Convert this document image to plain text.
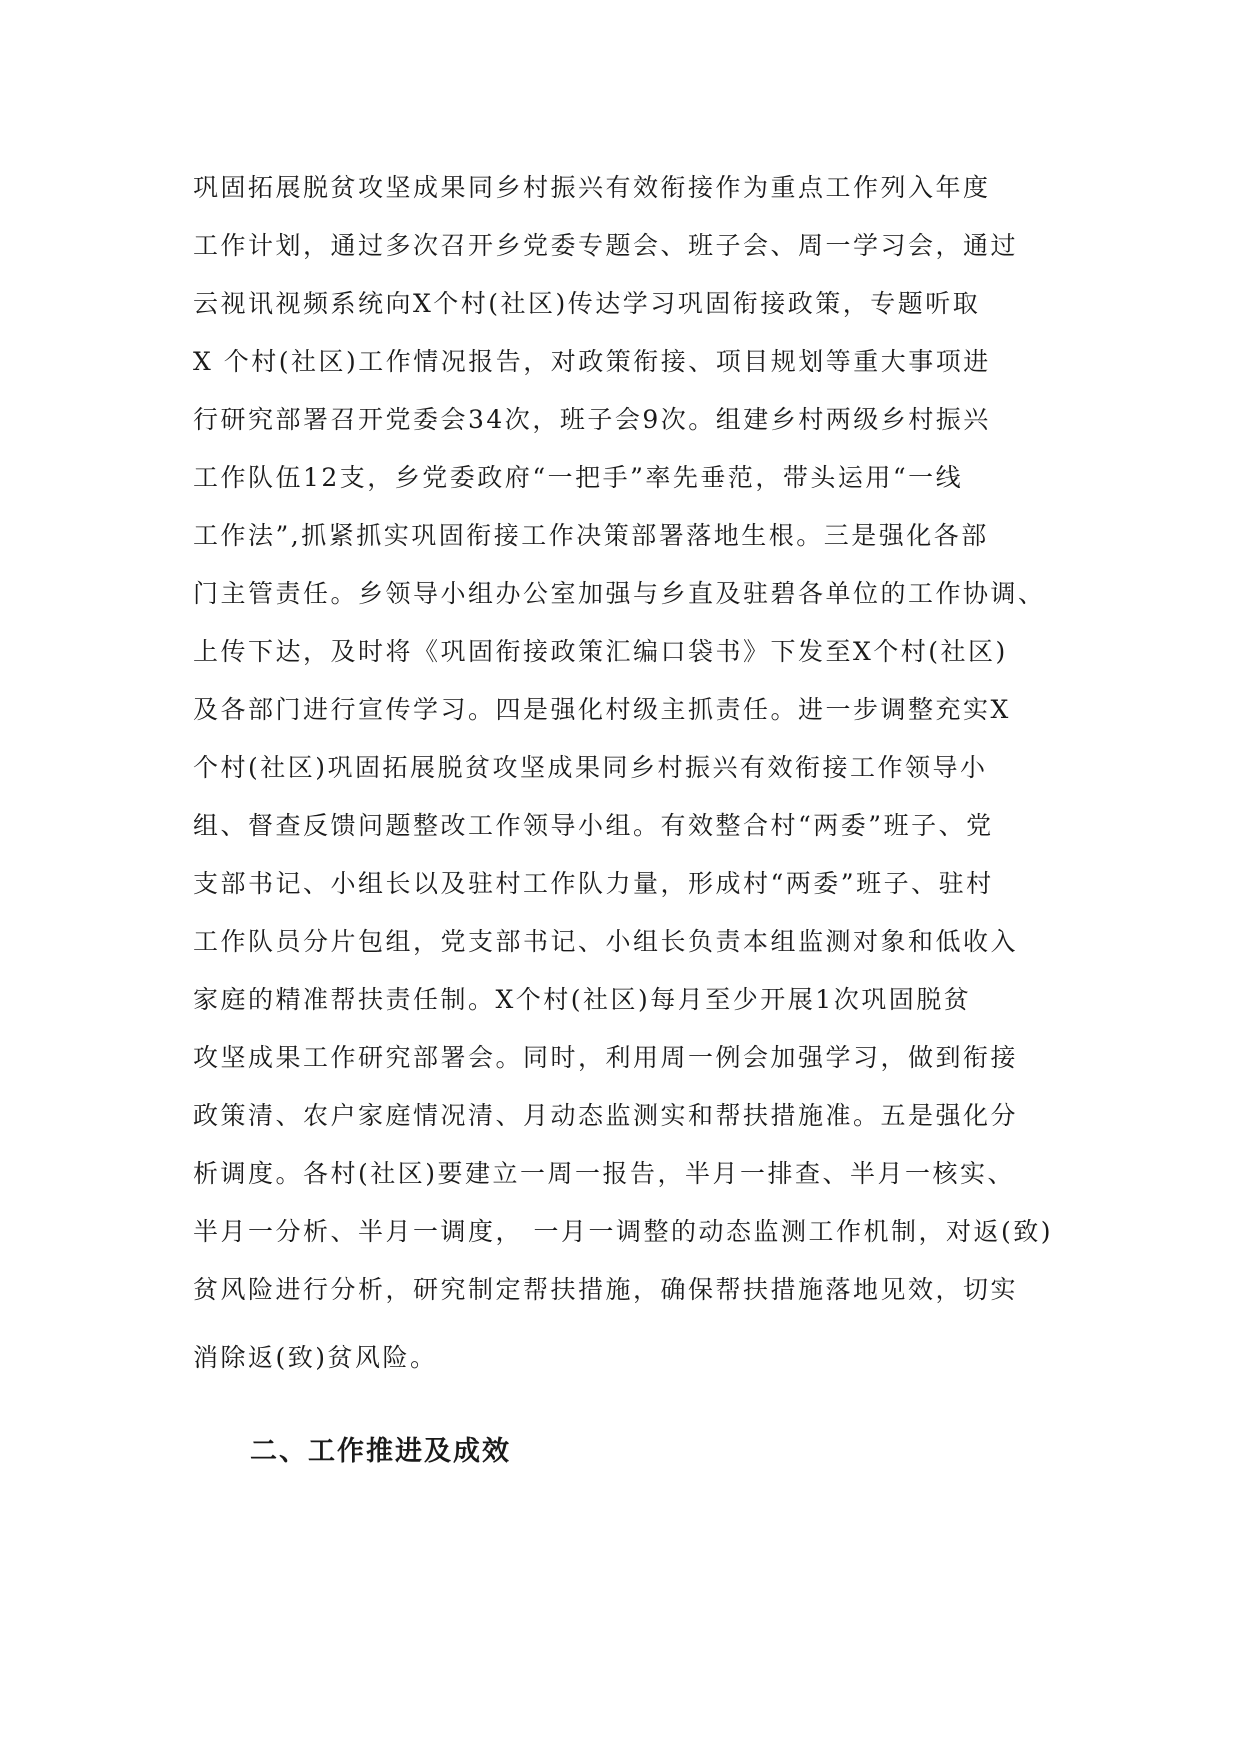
巩固拓展脱贫攻坚成果同乡村振兴有效衔接作为重点工作列入年度
工作计划，通过多次召开乡党委专题会、班子会、周一学习会，通过
云视讯视频系统向X个村(社区)传达学习巩固衔接政策，专题听取
X 个村(社区)工作情况报告，对政策衔接、项目规划等重大事项进
行研究部署召开党委会34次，班子会9次。组建乡村两级乡村振兴
工作队伍12支，乡党委政府“一把手”率先垂范，带头运用“一线
工作法”,抓紧抓实巩固衔接工作决策部署落地生根。三是强化各部
门主管责任。乡领导小组办公室加强与乡直及驻碧各单位的工作协调、
上传下达，及时将《巩固衔接政策汇编口袋书》下发至X个村(社区)
及各部门进行宣传学习。四是强化村级主抓责任。进一步调整充实X
个村(社区)巩固拓展脱贫攻坚成果同乡村振兴有效衔接工作领导小
组、督查反馈问题整改工作领导小组。有效整合村“两委”班子、党
支部书记、小组长以及驻村工作队力量，形成村“两委”班子、驻村
工作队员分片包组，党支部书记、小组长负责本组监测对象和低收入
家庭的精准帮扶责任制。X个村(社区)每月至少开展1次巩固脱贫
攻坚成果工作研究部署会。同时，利用周一例会加强学习，做到衔接
政策清、农户家庭情况清、月动态监测实和帮扶措施准。五是强化分
析调度。各村(社区)要建立一周一报告，半月一排查、半月一核实、
半月一分析、半月一调度， 一月一调整的动态监测工作机制，对返(致)
贫风险进行分析，研究制定帮扶措施，确保帮扶措施落地见效，切实
消除返(致)贫风险。
二、工作推进及成效
